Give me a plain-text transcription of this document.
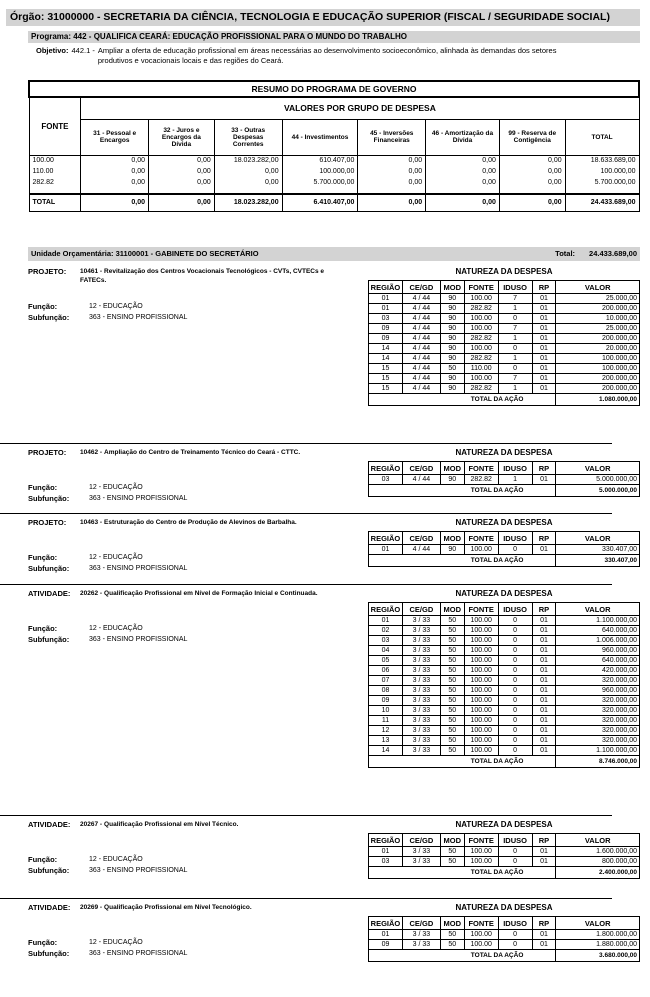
Órgão: 31000000 - SECRETARIA DA CIÊNCIA, TECNOLOGIA E EDUCAÇÃO SUPERIOR (FISCAL / SEGURIDADE SOCIAL)
Programa: 442 - QUALIFICA CEARÁ: EDUCAÇÃO PROFISSIONAL PARA O MUNDO DO TRABALHO
Objetivo: 442.1 - Ampliar a oferta de educação profissional em áreas necessárias ao desenvolvimento socioeconômico, alinhada às demandas dos setores
produtivos e vocacionais locais e das regiões do Ceará.
RESUMO DO PROGRAMA DE GOVERNO								
FONTE	VALORES POR GRUPO DE DESPESA							
	31 - Pessoal e Encargos	32 - Juros e Encargos da Dívida	33 - Outras Despesas Correntes	44 - Investimentos	45 - Inversões Financeiras	46 - Amortização da Dívida	99 - Reserva de Contigência	TOTAL
100.00	0,00	0,00	18.023.282,00	610.407,00	0,00	0,00	0,00	18.633.689,00
110.00	0,00	0,00	0,00	100.000,00	0,00	0,00	0,00	100.000,00
282.82	0,00	0,00	0,00	5.700.000,00	0,00	0,00	0,00	5.700.000,00

TOTAL	0,00	0,00	18.023.282,00	6.410.407,00	0,00	0,00	0,00	24.433.689,00
Unidade Orçamentária: 31100001 - GABINETE DO SECRETÁRIO	Total: 24.433.689,00
PROJETO:	10461 - Revitalização dos Centros Vocacionais Tecnológicos - CVTs, CVTECs e
FATECs.
Função:	12 - EDUCAÇÃO
Subfunção:	363 - ENSINO PROFISSIONAL
NATUREZA DA DESPESA
REGIÃO	CE/GD	MOD	FONTE	IDUSO	RP	VALOR
01	4 / 44	90	100.00	7	01	25.000,00
01	4 / 44	90	282.82	1	01	200.000,00
03	4 / 44	90	100.00	0	01	10.000,00
09	4 / 44	90	100.00	7	01	25.000,00
09	4 / 44	90	282.82	1	01	200.000,00
14	4 / 44	90	100.00	0	01	20.000,00
14	4 / 44	90	282.82	1	01	100.000,00
15	4 / 44	50	110.00	0	01	100.000,00
15	4 / 44	90	100.00	7	01	200.000,00
15	4 / 44	90	282.82	1	01	200.000,00
TOTAL DA AÇÃO						1.080.000,00
PROJETO:	10462 - Ampliação do Centro de Treinamento Técnico do Ceará - CTTC.
Função:	12 - EDUCAÇÃO
Subfunção:	363 - ENSINO PROFISSIONAL
NATUREZA DA DESPESA
REGIÃO	CE/GD	MOD	FONTE	IDUSO	RP	VALOR
03	4 / 44	90	282.82	1	01	5.000.000,00
TOTAL DA AÇÃO						5.000.000,00
PROJETO:	10463 - Estruturação do Centro de Produção de Alevinos de Barbalha.
Função:	12 - EDUCAÇÃO
Subfunção:	363 - ENSINO PROFISSIONAL
NATUREZA DA DESPESA
REGIÃO	CE/GD	MOD	FONTE	IDUSO	RP	VALOR
01	4 / 44	90	100.00	0	01	330.407,00
TOTAL DA AÇÃO						330.407,00
ATIVIDADE:	20262 - Qualificação Profissional em Nível de Formação Inicial e Continuada.
Função:	12 - EDUCAÇÃO
Subfunção:	363 - ENSINO PROFISSIONAL
NATUREZA DA DESPESA
REGIÃO	CE/GD	MOD	FONTE	IDUSO	RP	VALOR
01	3 / 33	50	100.00	0	01	1.100.000,00
02	3 / 33	50	100.00	0	01	640.000,00
03	3 / 33	50	100.00	0	01	1.006.000,00
04	3 / 33	50	100.00	0	01	960.000,00
05	3 / 33	50	100.00	0	01	640.000,00
06	3 / 33	50	100.00	0	01	420.000,00
07	3 / 33	50	100.00	0	01	320.000,00
08	3 / 33	50	100.00	0	01	960.000,00
09	3 / 33	50	100.00	0	01	320.000,00
10	3 / 33	50	100.00	0	01	320.000,00
11	3 / 33	50	100.00	0	01	320.000,00
12	3 / 33	50	100.00	0	01	320.000,00
13	3 / 33	50	100.00	0	01	320.000,00
14	3 / 33	50	100.00	0	01	1.100.000,00
TOTAL DA AÇÃO						8.746.000,00
ATIVIDADE:	20267 - Qualificação Profissional em Nível Técnico.
Função:	12 - EDUCAÇÃO
Subfunção:	363 - ENSINO PROFISSIONAL
NATUREZA DA DESPESA
REGIÃO	CE/GD	MOD	FONTE	IDUSO	RP	VALOR
01	3 / 33	50	100.00	0	01	1.600.000,00
03	3 / 33	50	100.00	0	01	800.000,00
TOTAL DA AÇÃO						2.400.000,00
ATIVIDADE:	20269 - Qualificação Profissional em Nível Tecnológico.
Função:	12 - EDUCAÇÃO
Subfunção:	363 - ENSINO PROFISSIONAL
NATUREZA DA DESPESA
REGIÃO	CE/GD	MOD	FONTE	IDUSO	RP	VALOR
01	3 / 33	50	100.00	0	01	1.800.000,00
09	3 / 33	50	100.00	0	01	1.880.000,00
TOTAL DA AÇÃO						3.680.000,00
